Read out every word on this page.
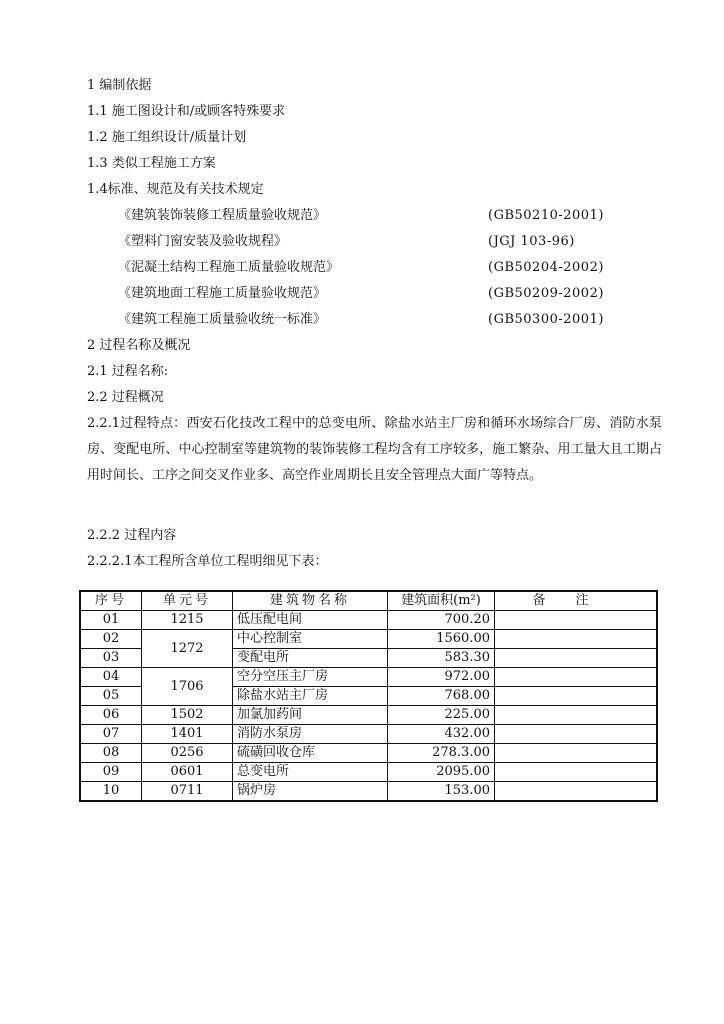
1 编制依据
1.1 施工图设计和/或顾客特殊要求
1.2 施工组织设计/质量计划
1.3 类似工程施工方案
1.4标准、规范及有关技术规定
《建筑装饰装修工程质量验收规范》	(GB50210-2001)
《塑料门窗安装及验收规程》	(JGJ 103-96)
《泥凝土结构工程施工质量验收规范》	(GB50204-2002)
《建筑地面工程施工质量验收规范》	(GB50209-2002)
《建筑工程施工质量验收统一标准》	(GB50300-2001)
2 过程名称及概况
2.1 过程名称:
2.2 过程概况
2.2.1过程特点：西安石化技改工程中的总变电所、除盐水站主厂房和循环水场综合厂房、消防水泵房、变配电所、中心控制室等建筑物的装饰装修工程均含有工序较多，施工繁杂、用工量大且工期占用时间长、工序之间交叉作业多、高空作业周期长且安全管理点大面广等特点。
2.2.2 过程内容
2.2.2.1本工程所含单位工程明细见下表：
序号	单元号	建筑物名称	建筑面积(m²)	备注
01	1215	低压配电间	700.20	
02	1272	中心控制室	1560.00	
03		变配电所	583.30	
04	1706	空分空压主厂房	972.00	
05		除盐水站主厂房	768.00	
06	1502	加氯加药间	225.00	
07	1401	消防水泵房	432.00	
08	0256	硫磺回收仓库	278.3.00	
09	0601	总变电所	2095.00	
10	0711	锅炉房	153.00	
